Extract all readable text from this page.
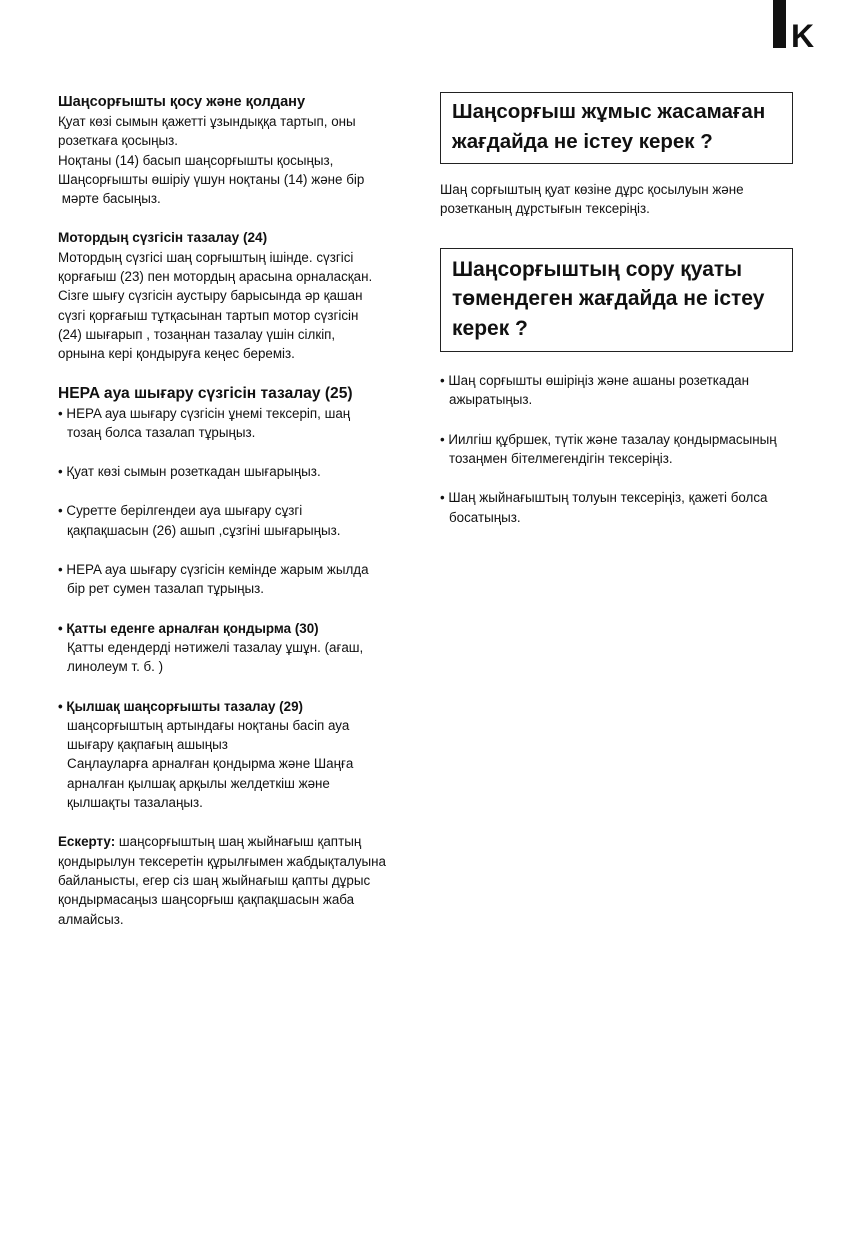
K

Шаңсорғышты қосу және қолдану

Қуат көзі сымын қажетті ұзындыққа тартып, оны

розеткаға қосыңыз.

Ноқтаны (14) басып шаңсорғышты қосыңыз,

Шаңсорғышты өшіріу үшун ноқтаны (14) және бір

мәрте басыңыз.

Мотордың сүзгісін тазалау (24)

Мотордың сүзгісі шаң сорғыштың ішінде. сүзгісі

қорғағыш (23) пен мотордың арасына орналасқан.

Сізге шығу сүзгісін аустыру барысында әр қашан

сүзгі қорғағыш тұтқасынан тартып мотор сүзгісін

(24) шығарып , тозаңнан тазалау үшін сілкіп,

орнына кері қондыруға кеңес береміз.

HEPA ауа шығару сүзгісін тазалау (25)

• HEPA ауа шығару сүзгісін ұнемі тексеріп, шаң

тозаң болса тазалап тұрыңыз.

• Қуат көзі сымын розеткадан шығарыңыз.

• Суретте берілгендеи ауа шығару сұзгі

қақпақшасын (26) ашып ,сұзгіні шығарыңыз.

• HEPA ауа шығару сүзгісін кемінде жарым жылда

бір рет сумен тазалап тұрыңыз.

• Қатты еденге арналған қондырма (30)

Қатты едендерді нәтижелі тазалау ұшұн. (ағаш,

линолеум т. б. )

• Қылшақ шаңсорғышты тазалау (29)

шаңсорғыштың артындағы ноқтаны басіп ауа

шығару қақпағың ашыңыз

Саңлауларға арналған қондырма және Шаңға

арналған қылшақ арқылы желдеткіш және

қылшақты тазалаңыз.

Ескерту: шаңсорғыштың шаң жыйнағыш қаптың

қондырылун тексеретін құрылғымен жабдықталуына

байланысты, егер сіз шаң жыйнағыш қапты дұрыс

қондырмасаңыз шаңсорғыш қақпақшасын жаба

алмайсыз.

Шаңсорғыш жұмыс жасамаған
жағдайда не істеу керек ?

Шаң сорғыштың қуат көзіне дұрс қосылуын және

розетканың дұрстығын тексеріңіз.

Шаңсорғыштың сору қуаты
төмендеген жағдайда не істеу
керек ?

• Шаң сорғышты өшіріңіз және ашаны розеткадан

ажыратыңыз.

• Иилгіш құбршек, түтік және тазалау қондырмасының

тозаңмен бітелмегендігін тексеріңіз.

• Шаң жыйнағыштың толуын тексеріңіз, қажеті болса

босатыңыз.
